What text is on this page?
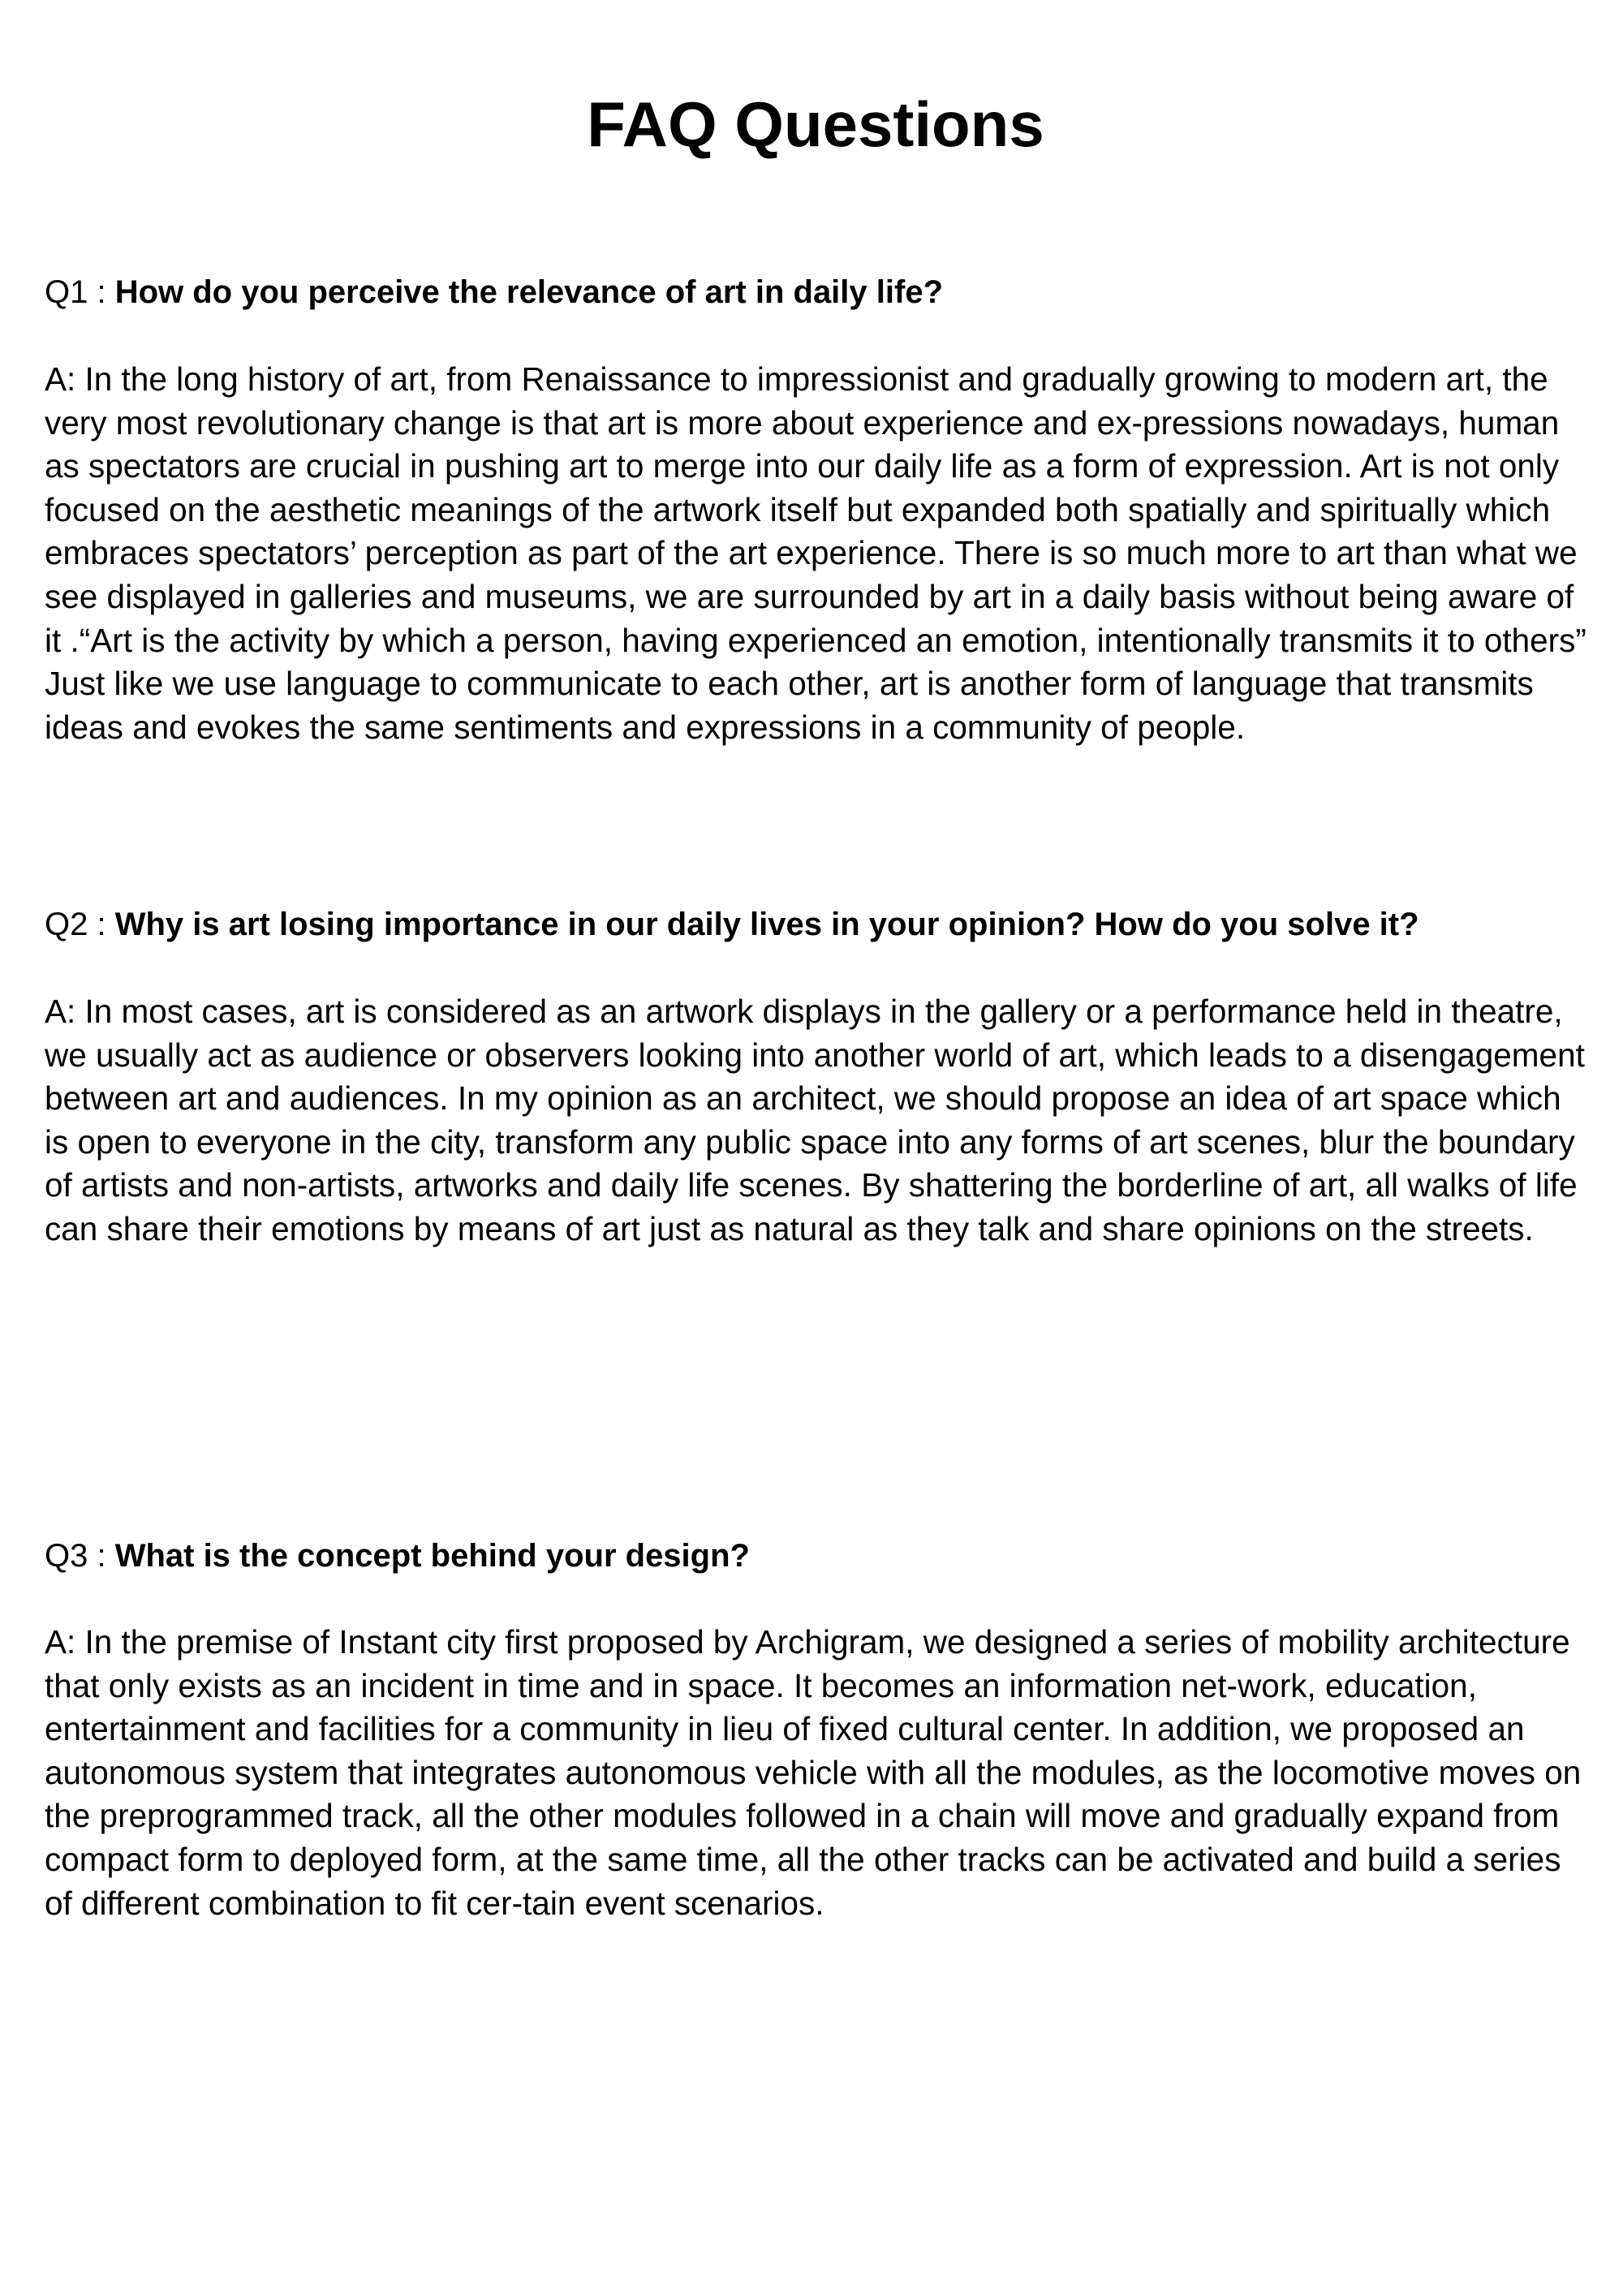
FAQ Questions

Q1 : How do you perceive the relevance of art in daily life?

A: In the long history of art, from Renaissance to impressionist and gradually growing to modern art, the very most revolutionary change is that art is more about experience and ex-pressions nowadays, human as spectators are crucial in pushing art to merge into our daily life as a form of expression. Art is not only focused on the aesthetic meanings of the artwork itself but expanded both spatially and spiritually which embraces spectators’ perception as part of the art experience. There is so much more to art than what we see displayed in galleries and museums, we are surrounded by art in a daily basis without being aware of it .“Art is the activity by which a person, having experienced an emotion, intentionally transmits it to others” Just like we use language to communicate to each other, art is another form of language that transmits ideas and evokes the same sentiments and expressions in a community of people.

Q2 : Why is art losing importance in our daily lives in your opinion? How do you solve it?

A: In most cases, art is considered as an artwork displays in the gallery or a performance held in theatre, we usually act as audience or observers looking into another world of art, which leads to a disengagement between art and audiences. In my opinion as an architect, we should propose an idea of art space which is open to everyone in the city, transform any public space into any forms of art scenes, blur the boundary of artists and non-artists, artworks and daily life scenes. By shattering the borderline of art, all walks of life can share their emotions by means of art just as natural as they talk and share opinions on the streets.

Q3 : What is the concept behind your design?

A: In the premise of Instant city first proposed by Archigram, we designed a series of mobility architecture that only exists as an incident in time and in space. It becomes an information net-work, education, entertainment and facilities for a community in lieu of fixed cultural center. In addition, we proposed an autonomous system that integrates autonomous vehicle with all the modules, as the locomotive moves on the preprogrammed track, all the other modules followed in a chain will move and gradually expand from compact form to deployed form, at the same time, all the other tracks can be activated and build a series of different combination to fit cer-tain event scenarios.
